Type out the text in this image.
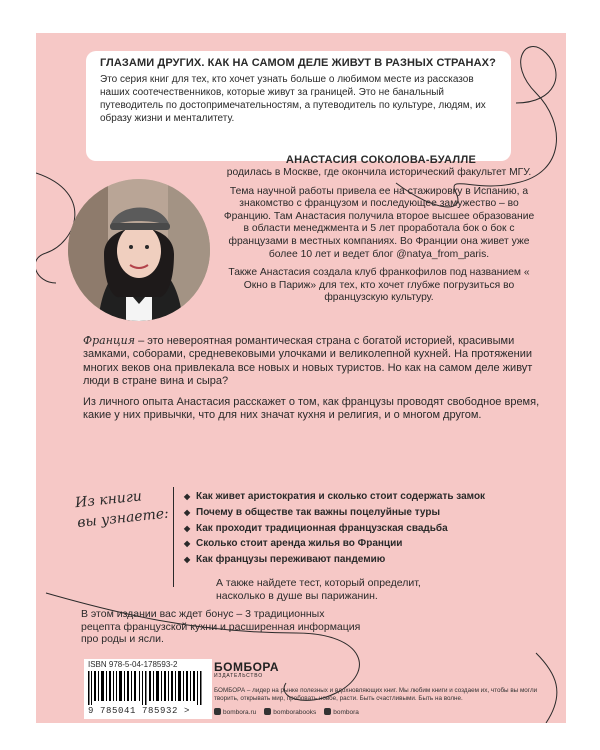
ГЛАЗАМИ ДРУГИХ. КАК НА САМОМ ДЕЛЕ ЖИВУТ В РАЗНЫХ СТРАНАХ?

Это серия книг для тех, кто хочет узнать больше о любимом месте из рассказов наших соотечественников, которые живут за границей. Это не банальный путеводитель по достопримечательностям, а путеводитель по культуре, людям, их образу жизни и менталитету.

АНАСТАСИЯ СОКОЛОВА-БУАЛЛЕ

родилась в Москве, где окончила исторический факультет МГУ.

Тема научной работы привела ее на стажировку в Испанию, а знакомство с французом и последующее замужество – во Францию. Там Анастасия получила второе высшее образование в области менеджмента и 5 лет проработала бок о бок с французами в местных компаниях. Во Франции она живет уже более 10 лет и ведет блог @natya_from_paris.

Также Анастасия создала клуб франкофилов под названием « Окно в Париж» для тех, кто хочет глубже погрузиться во французскую культуру.

Франция – это невероятная романтическая страна с богатой историей, красивыми замками, соборами, средневековыми улочками и великолепной кухней. На протяжении многих веков она привлекала все новых и новых туристов. Но как на самом деле живут люди в стране вина и сыра?

Из личного опыта Анастасия расскажет о том, как французы проводят свободное время, какие у них привычки, что для них значат кухня и религия, и о многом другом.

Из книги
вы узнаете:
◆ Как живет аристократия и сколько стоит содержать замок
◆ Почему в обществе так важны поцелуйные туры
◆ Как проходит традиционная французская свадьба
◆ Сколько стоит аренда жилья во Франции
◆ Как французы переживают пандемию
А также найдете тест, который определит, насколько в душе вы парижанин.
В этом издании вас ждет бонус – 3 традиционных рецепта французской кухни и расширенная информация про роды и ясли.
ISBN 978-5-04-178593-2
9 785041 785932 >
БОМБОРА
ИЗДАТЕЛЬСТВО
БОМБОРА – лидер на рынке полезных и вдохновляющих книг. Мы любим книги и создаем их, чтобы вы могли творить, открывать мир, пробовать новое, расти. Быть счастливыми. Быть на волне.
bombora.ru	bomborabooks	bombora
